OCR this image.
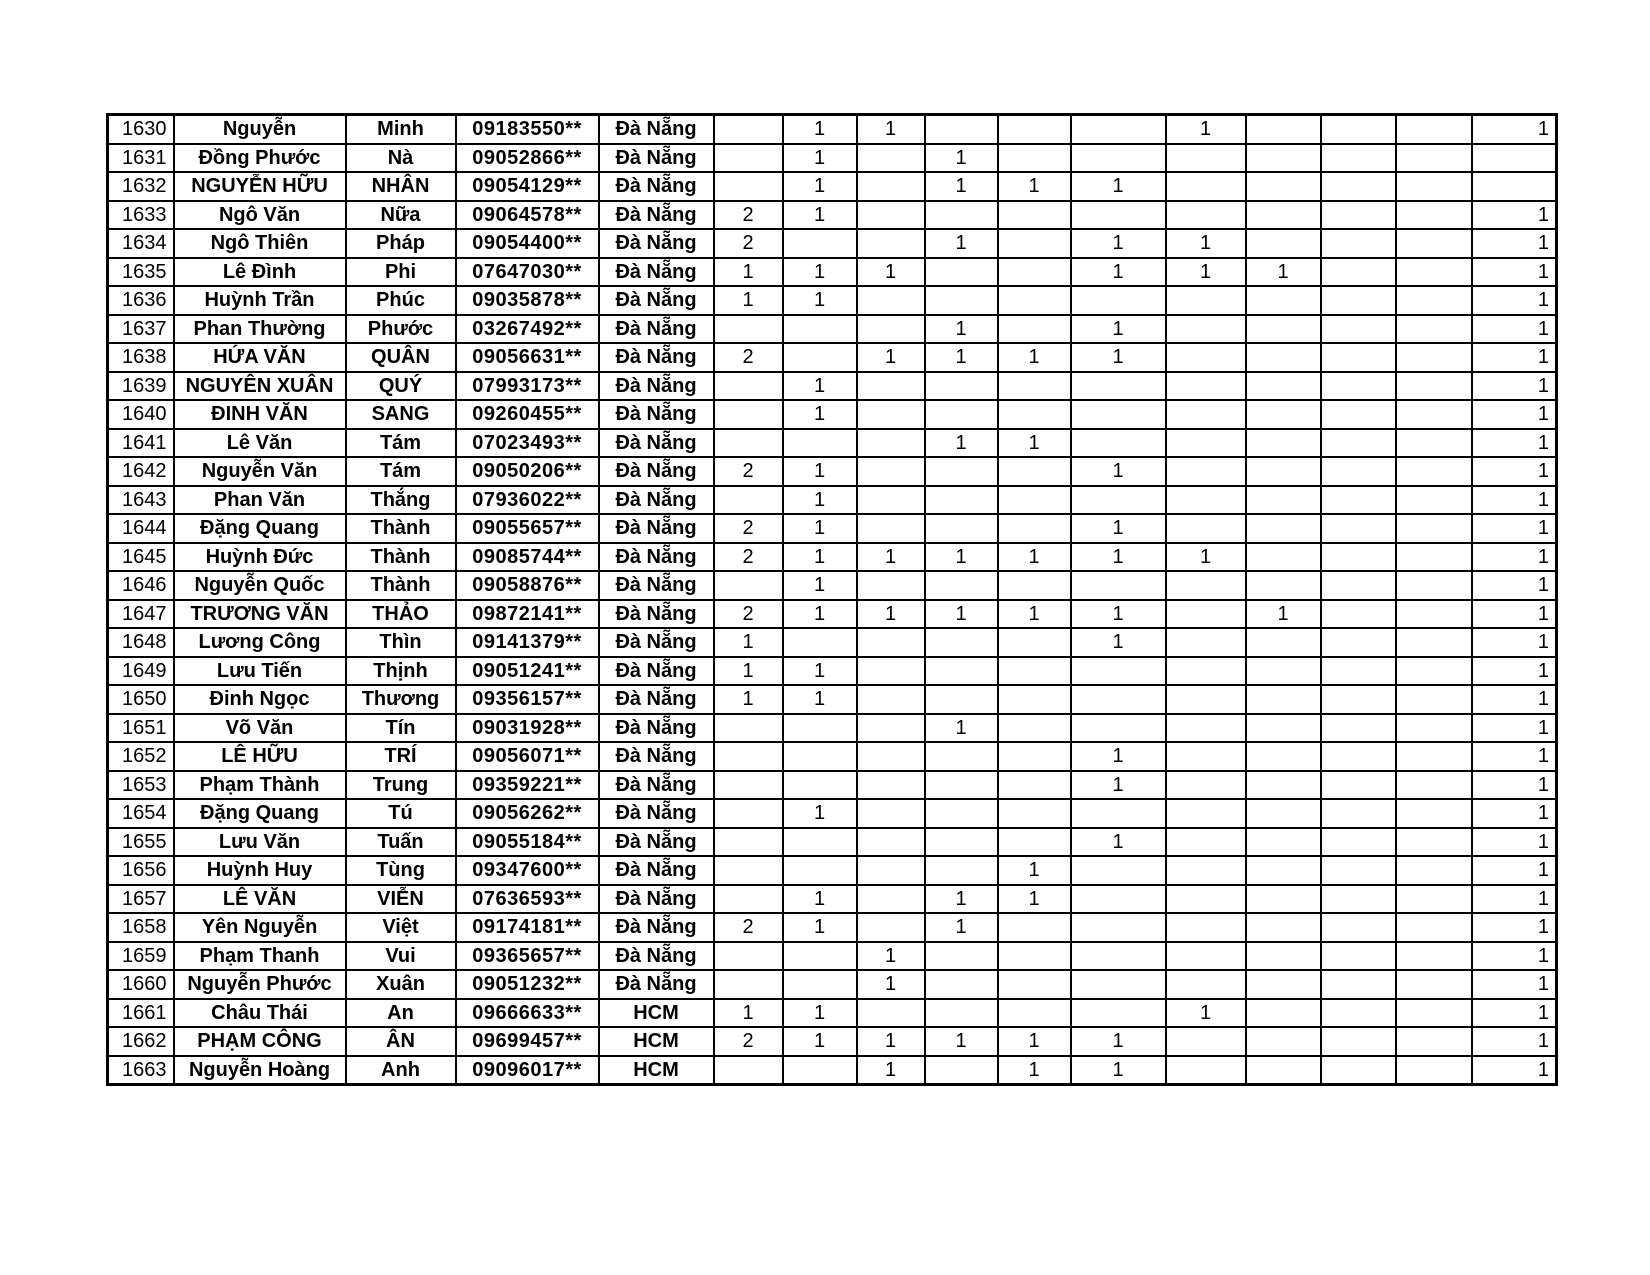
1630	Nguyễn	Minh	09183550**	Đà Nẵng		1	1				1				1
1631	Đồng Phước	Nà	09052866**	Đà Nẵng		1		1							
1632	NGUYỄN HỮU	NHÂN	09054129**	Đà Nẵng		1		1	1	1					
1633	Ngô Văn	Nữa	09064578**	Đà Nẵng	2	1									1
1634	Ngô Thiên	Pháp	09054400**	Đà Nẵng	2			1		1	1				1
1635	Lê Đình	Phi	07647030**	Đà Nẵng	1	1	1			1	1	1			1
1636	Huỳnh Trần	Phúc	09035878**	Đà Nẵng	1	1									1
1637	Phan Thường	Phước	03267492**	Đà Nẵng				1		1					1
1638	HỨA VĂN	QUÂN	09056631**	Đà Nẵng	2		1	1	1	1					1
1639	NGUYÊN XUÂN	QUÝ	07993173**	Đà Nẵng		1									1
1640	ĐINH VĂN	SANG	09260455**	Đà Nẵng		1									1
1641	Lê Văn	Tám	07023493**	Đà Nẵng				1	1						1
1642	Nguyễn Văn	Tám	09050206**	Đà Nẵng	2	1				1					1
1643	Phan Văn	Thắng	07936022**	Đà Nẵng		1									1
1644	Đặng Quang	Thành	09055657**	Đà Nẵng	2	1				1					1
1645	Huỳnh Đức	Thành	09085744**	Đà Nẵng	2	1	1	1	1	1	1				1
1646	Nguyễn Quốc	Thành	09058876**	Đà Nẵng		1									1
1647	TRƯƠNG VĂN	THẢO	09872141**	Đà Nẵng	2	1	1	1	1	1		1			1
1648	Lương Công	Thìn	09141379**	Đà Nẵng	1					1					1
1649	Lưu Tiến	Thịnh	09051241**	Đà Nẵng	1	1									1
1650	Đinh Ngọc	Thương	09356157**	Đà Nẵng	1	1									1
1651	Võ Văn	Tín	09031928**	Đà Nẵng				1							1
1652	LÊ HỮU	TRÍ	09056071**	Đà Nẵng						1					1
1653	Phạm Thành	Trung	09359221**	Đà Nẵng						1					1
1654	Đặng Quang	Tú	09056262**	Đà Nẵng		1									1
1655	Lưu Văn	Tuấn	09055184**	Đà Nẵng						1					1
1656	Huỳnh Huy	Tùng	09347600**	Đà Nẵng					1						1
1657	LÊ VĂN	VIỄN	07636593**	Đà Nẵng		1		1	1						1
1658	Yên Nguyễn	Việt	09174181**	Đà Nẵng	2	1		1							1
1659	Phạm Thanh	Vui	09365657**	Đà Nẵng			1								1
1660	Nguyễn Phước	Xuân	09051232**	Đà Nẵng			1								1
1661	Châu Thái	An	09666633**	HCM	1	1					1				1
1662	PHẠM CÔNG	ÂN	09699457**	HCM	2	1	1	1	1	1					1
1663	Nguyễn Hoàng	Anh	09096017**	HCM			1		1	1					1
